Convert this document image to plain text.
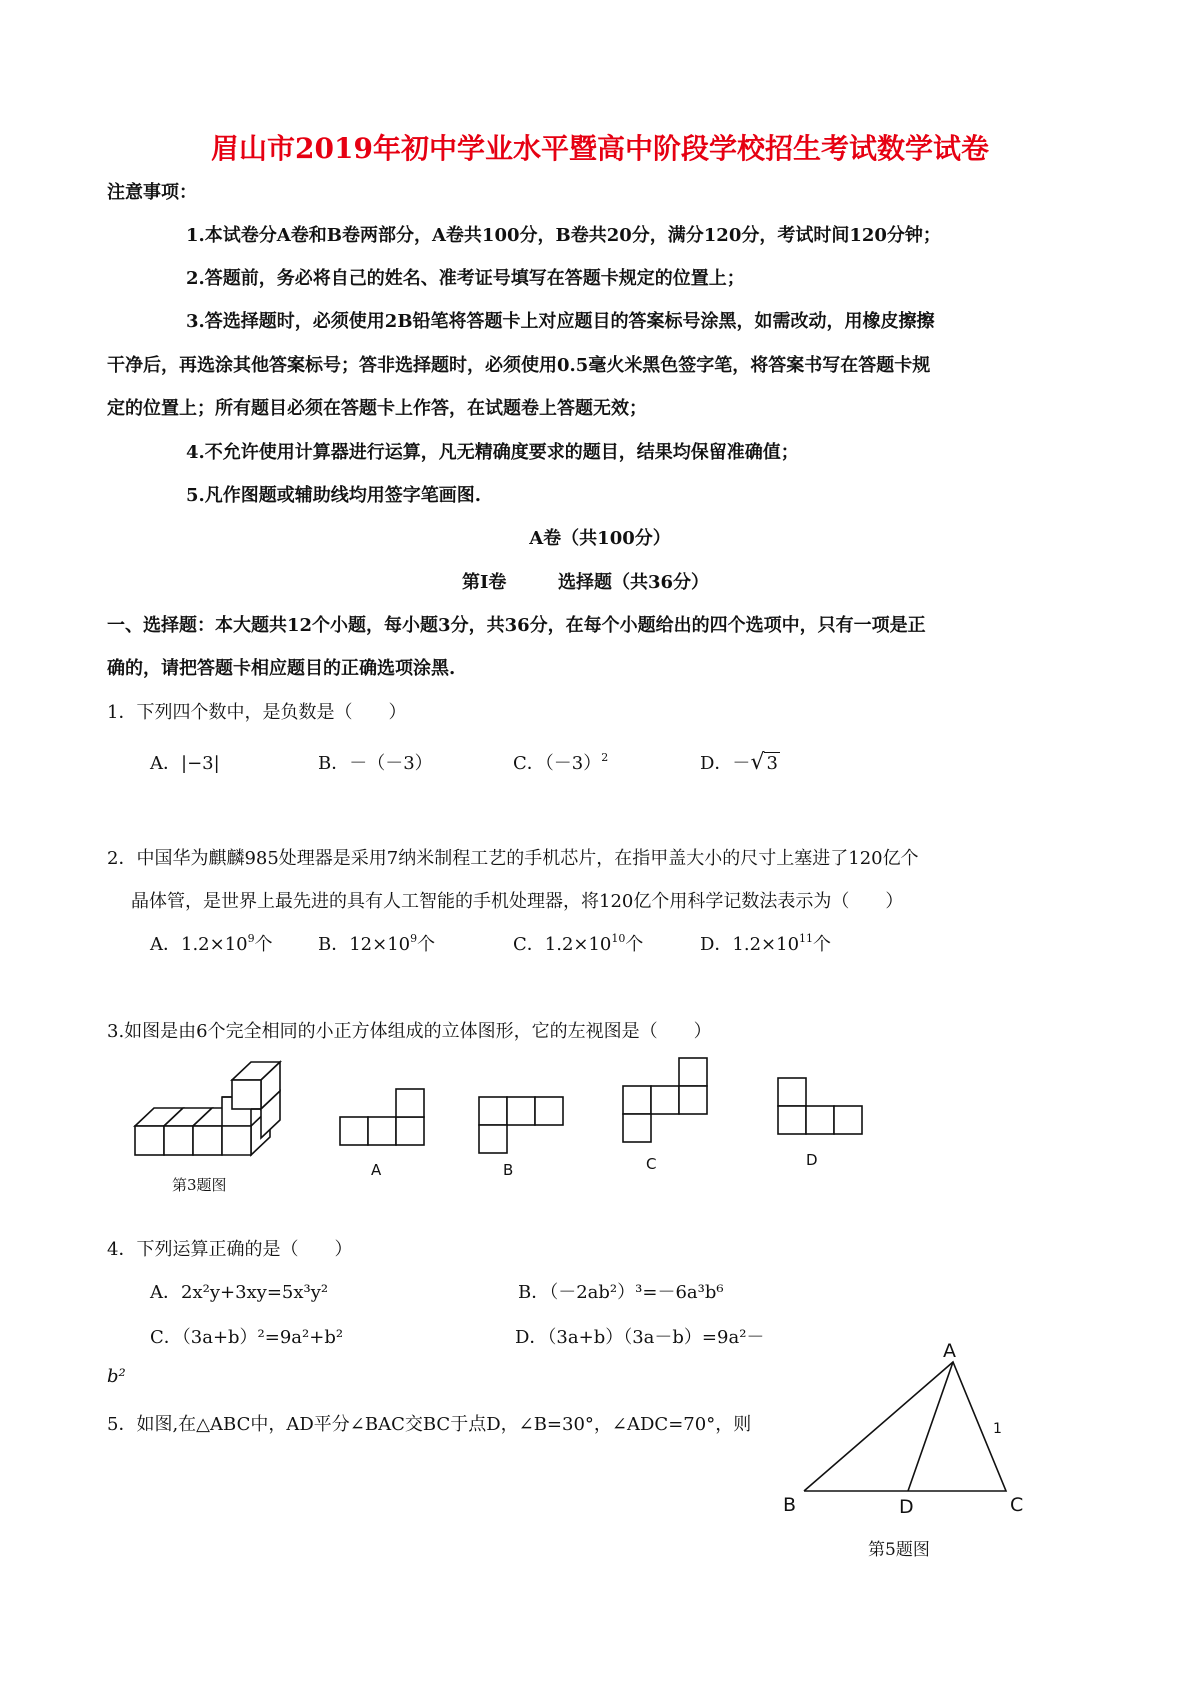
眉山市2019年初中学业水平暨高中阶段学校招生考试数学试卷
注意事项：
1.本试卷分A卷和B卷两部分，A卷共100分，B卷共20分，满分120分，考试时间120分钟；
2.答题前，务必将自己的姓名、准考证号填写在答题卡规定的位置上；
3.答选择题时，必须使用2B铅笔将答题卡上对应题目的答案标号涂黑，如需改动，用橡皮擦擦
干净后，再选涂其他答案标号；答非选择题时，必须使用0.5毫火米黑色签字笔，将答案书写在答题卡规
定的位置上；所有题目必须在答题卡上作答，在试题卷上答题无效；
4.不允许使用计算器进行运算，凡无精确度要求的题目，结果均保留准确值；
5.凡作图题或辅助线均用签字笔画图.
A卷（共100分）
第Ⅰ卷	选择题（共36分）
一、选择题：本大题共12个小题，每小题3分，共36分，在每个小题给出的四个选项中，只有一项是正
确的，请把答题卡相应题目的正确选项涂黑.
1．下列四个数中，是负数是（　　）
A．|−3|	B．－（－3）	C．$(-3)^2$	D．－√ 3
2．中国华为麒麟985处理器是采用7纳米制程工艺的手机芯片，在指甲盖大小的尺寸上塞进了120亿个
晶体管，是世界上最先进的具有人工智能的手机处理器，将120亿个用科学记数法表示为（　　）
A．$1.2\times 10^9$个	B．$12\times 10^9$个	C．$1.2\times 10^{10}$个	D．$1.2\times 10^{11}$个
3.如图是由6个完全相同的小正方体组成的立体图形，它的左视图是（　　）
第3题图
A	B	C	D
4．下列运算正确的是（　　）
A．2x²y+3xy=5x³y²	B．（－2ab²）³=－6a³b⁶
C．（3a+b）²=9a²+b²	D．（3a+b）（3a－b）=9a²－
b²
5．如图,在△ABC中，AD平分∠BAC交BC于点D，∠B=30°，∠ADC=70°，则
A
B	D	C
1
第5题图
